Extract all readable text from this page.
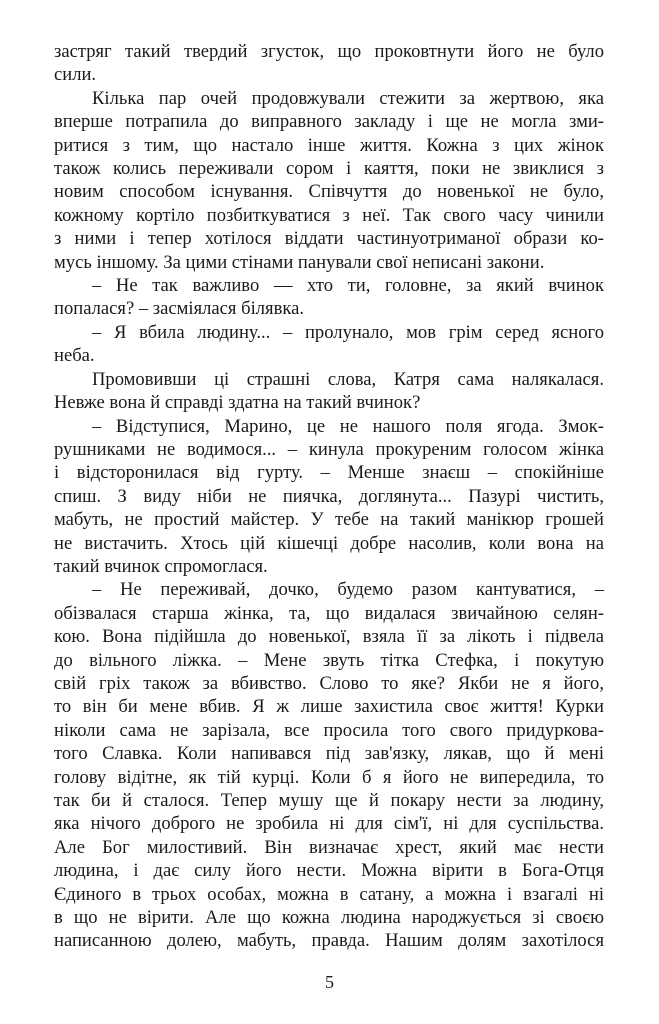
застряг такий твердий згусток, що проковтнути його не було
сили.
Кілька пар очей продовжували стежити за жертвою, яка
вперше потрапила до виправного закладу і ще не могла зми-
ритися з тим, що настало інше життя. Кожна з цих жінок
також колись переживали сором і каяття, поки не звиклися з
новим способом існування. Співчуття до новенької не було,
кожному кортіло позбиткуватися з неї. Так свого часу чинили
з ними і тепер хотілося віддати частинуотриманої образи ко-
мусь іншому. За цими стінами панували свої неписані закони.
– Не так важливо — хто ти, головне, за який вчинок
попалася? – засміялася білявка.
– Я вбила людину... – пролунало, мов грім серед ясного
неба.
Промовивши ці страшні слова, Катря сама налякалася.
Невже вона й справді здатна на такий вчинок?
– Відступися, Марино, це не нашого поля ягода. Змок-
рушниками не водимося... – кинула прокуреним голосом жінка
і відсторонилася від гурту. – Менше знаєш – спокійніше
спиш. З виду ніби не пиячка, доглянута... Пазурі чистить,
мабуть, не простий майстер. У тебе на такий манікюр грошей
не вистачить. Хтось цій кішечці добре насолив, коли вона на
такий вчинок спромоглася.
– Не переживай, дочко, будемо разом кантуватися, –
обізвалася старша жінка, та, що видалася звичайною селян-
кою. Вона підійшла до новенької, взяла її за лікоть і підвела
до вільного ліжка. – Мене звуть тітка Стефка, і покутую
свій гріх також за вбивство. Слово то яке? Якби не я його,
то він би мене вбив. Я ж лише захистила своє життя! Курки
ніколи сама не зарізала, все просила того свого придуркова-
того Славка. Коли напивався під зав'язку, лякав, що й мені
голову відітне, як тій курці. Коли б я його не випередила, то
так би й сталося. Тепер мушу ще й покару нести за людину,
яка нічого доброго не зробила ні для сім'ї, ні для суспільства.
Але Бог милостивий. Він визначає хрест, який має нести
людина, і дає силу його нести. Можна вірити в Бога-Отця
Єдиного в трьох особах, можна в сатану, а можна і взагалі ні
в що не вірити. Але що кожна людина народжується зі своєю
написанною долею, мабуть, правда. Нашим долям захотілося
5
